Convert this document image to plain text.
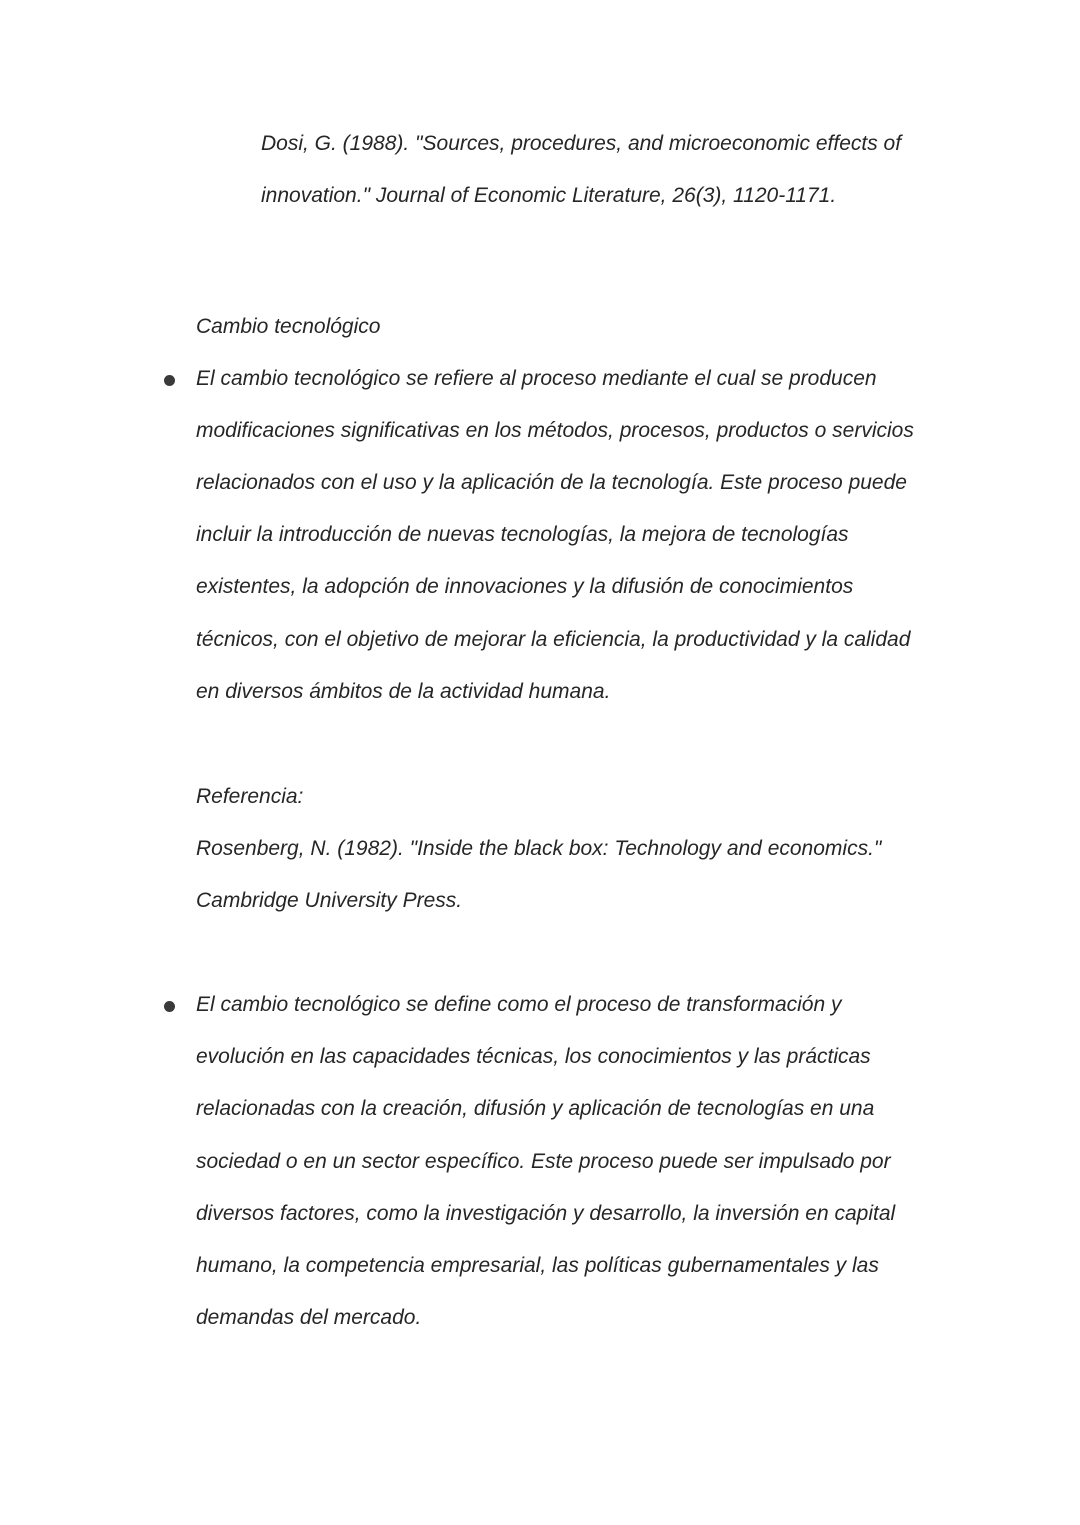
Dosi, G. (1988). "Sources, procedures, and microeconomic effects of

innovation." Journal of Economic Literature, 26(3), 1120-1171.

Cambio tecnológico

El cambio tecnológico se refiere al proceso mediante el cual se producen

modificaciones significativas en los métodos, procesos, productos o servicios

relacionados con el uso y la aplicación de la tecnología. Este proceso puede

incluir la introducción de nuevas tecnologías, la mejora de tecnologías

existentes, la adopción de innovaciones y la difusión de conocimientos

técnicos, con el objetivo de mejorar la eficiencia, la productividad y la calidad

en diversos ámbitos de la actividad humana.

Referencia:

Rosenberg, N. (1982). "Inside the black box: Technology and economics."

Cambridge University Press.

El cambio tecnológico se define como el proceso de transformación y

evolución en las capacidades técnicas, los conocimientos y las prácticas

relacionadas con la creación, difusión y aplicación de tecnologías en una

sociedad o en un sector específico. Este proceso puede ser impulsado por

diversos factores, como la investigación y desarrollo, la inversión en capital

humano, la competencia empresarial, las políticas gubernamentales y las

demandas del mercado.
